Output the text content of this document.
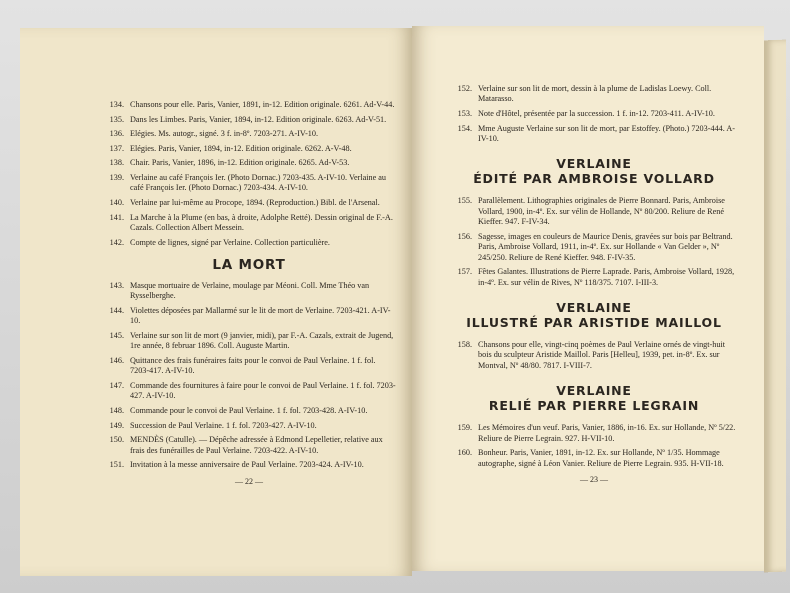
134. Chansons pour elle. Paris, Vanier, 1891, in-12. Edition originale. 6261. Ad-V-44.
135. Dans les Limbes. Paris, Vanier, 1894, in-12. Edition originale. 6263. Ad-V-51.
136. Elégies. Ms. autogr., signé. 3 f. in-8º. 7203-271. A-IV-10.
137. Elégies. Paris, Vanier, 1894, in-12. Edition originale. 6262. A-V-48.
138. Chair. Paris, Vanier, 1896, in-12. Edition originale. 6265. Ad-V-53.
139. Verlaine au café François Ier. (Photo Dornac.) 7203-435. A-IV-10. Verlaine au café François Ier. (Photo Dornac.) 7203-434. A-IV-10.
140. Verlaine par lui-même au Procope, 1894. (Reproduction.) Bibl. de l'Arsenal.
141. La Marche à la Plume (en bas, à droite, Adolphe Retté). Dessin original de F.-A. Cazals. Collection Albert Messein.
142. Compte de lignes, signé par Verlaine. Collection particulière.
LA MORT
143. Masque mortuaire de Verlaine, moulage par Méoni. Coll. Mme Théo van Rysselberghe.
144. Violettes déposées par Mallarmé sur le lit de mort de Verlaine. 7203-421. A-IV-10.
145. Verlaine sur son lit de mort (9 janvier, midi), par F.-A. Cazals, extrait de Jugend, 1re année, 8 februar 1896. Coll. Auguste Martin.
146. Quittance des frais funéraires faits pour le convoi de Paul Verlaine. 1 f. fol. 7203-417. A-IV-10.
147. Commande des fournitures à faire pour le convoi de Paul Verlaine. 1 f. fol. 7203-427. A-IV-10.
148. Commande pour le convoi de Paul Verlaine. 1 f. fol. 7203-428. A-IV-10.
149. Succession de Paul Verlaine. 1 f. fol. 7203-427. A-IV-10.
150. MENDÈS (Catulle). — Dépêche adressée à Edmond Lepelletier, relative aux frais des funérailles de Paul Verlaine. 7203-422. A-IV-10.
151. Invitation à la messe anniversaire de Paul Verlaine. 7203-424. A-IV-10.
— 22 —
152. Verlaine sur son lit de mort, dessin à la plume de Ladislas Loewy. Coll. Matarasso.
153. Note d'Hôtel, présentée par la succession. 1 f. in-12. 7203-411. A-IV-10.
154. Mme Auguste Verlaine sur son lit de mort, par Estoffey. (Photo.) 7203-444. A-IV-10.
VERLAINE
ÉDITÉ PAR AMBROISE VOLLARD
155. Parallèlement. Lithographies originales de Pierre Bonnard. Paris, Ambroise Vollard, 1900, in-4º. Ex. sur vélin de Hollande, Nº 80/200. Reliure de René Kieffer. 947. F-IV-34.
156. Sagesse, images en couleurs de Maurice Denis, gravées sur bois par Beltrand. Paris, Ambroise Vollard, 1911, in-4º. Ex. sur Hollande « Van Gelder », Nº 245/250. Reliure de René Kieffer. 948. F-IV-35.
157. Fêtes Galantes. Illustrations de Pierre Laprade. Paris, Ambroise Vollard, 1928, in-4º. Ex. sur vélin de Rives, Nº 118/375. 7107. I-III-3.
VERLAINE
ILLUSTRÉ PAR ARISTIDE MAILLOL
158. Chansons pour elle, vingt-cinq poèmes de Paul Verlaine ornés de vingt-huit bois du sculpteur Aristide Maillol. Paris [Helleu], 1939, pet. in-8º. Ex. sur Montval, Nº 48/80. 7817. I-VIII-7.
VERLAINE
RELIÉ PAR PIERRE LEGRAIN
159. Les Mémoires d'un veuf. Paris, Vanier, 1886, in-16. Ex. sur Hollande, Nº 5/22. Reliure de Pierre Legrain. 927. H-VII-10.
160. Bonheur. Paris, Vanier, 1891, in-12. Ex. sur Hollande, Nº 1/35. Hommage autographe, signé à Léon Vanier. Reliure de Pierre Legrain. 935. H-VII-18.
— 23 —
